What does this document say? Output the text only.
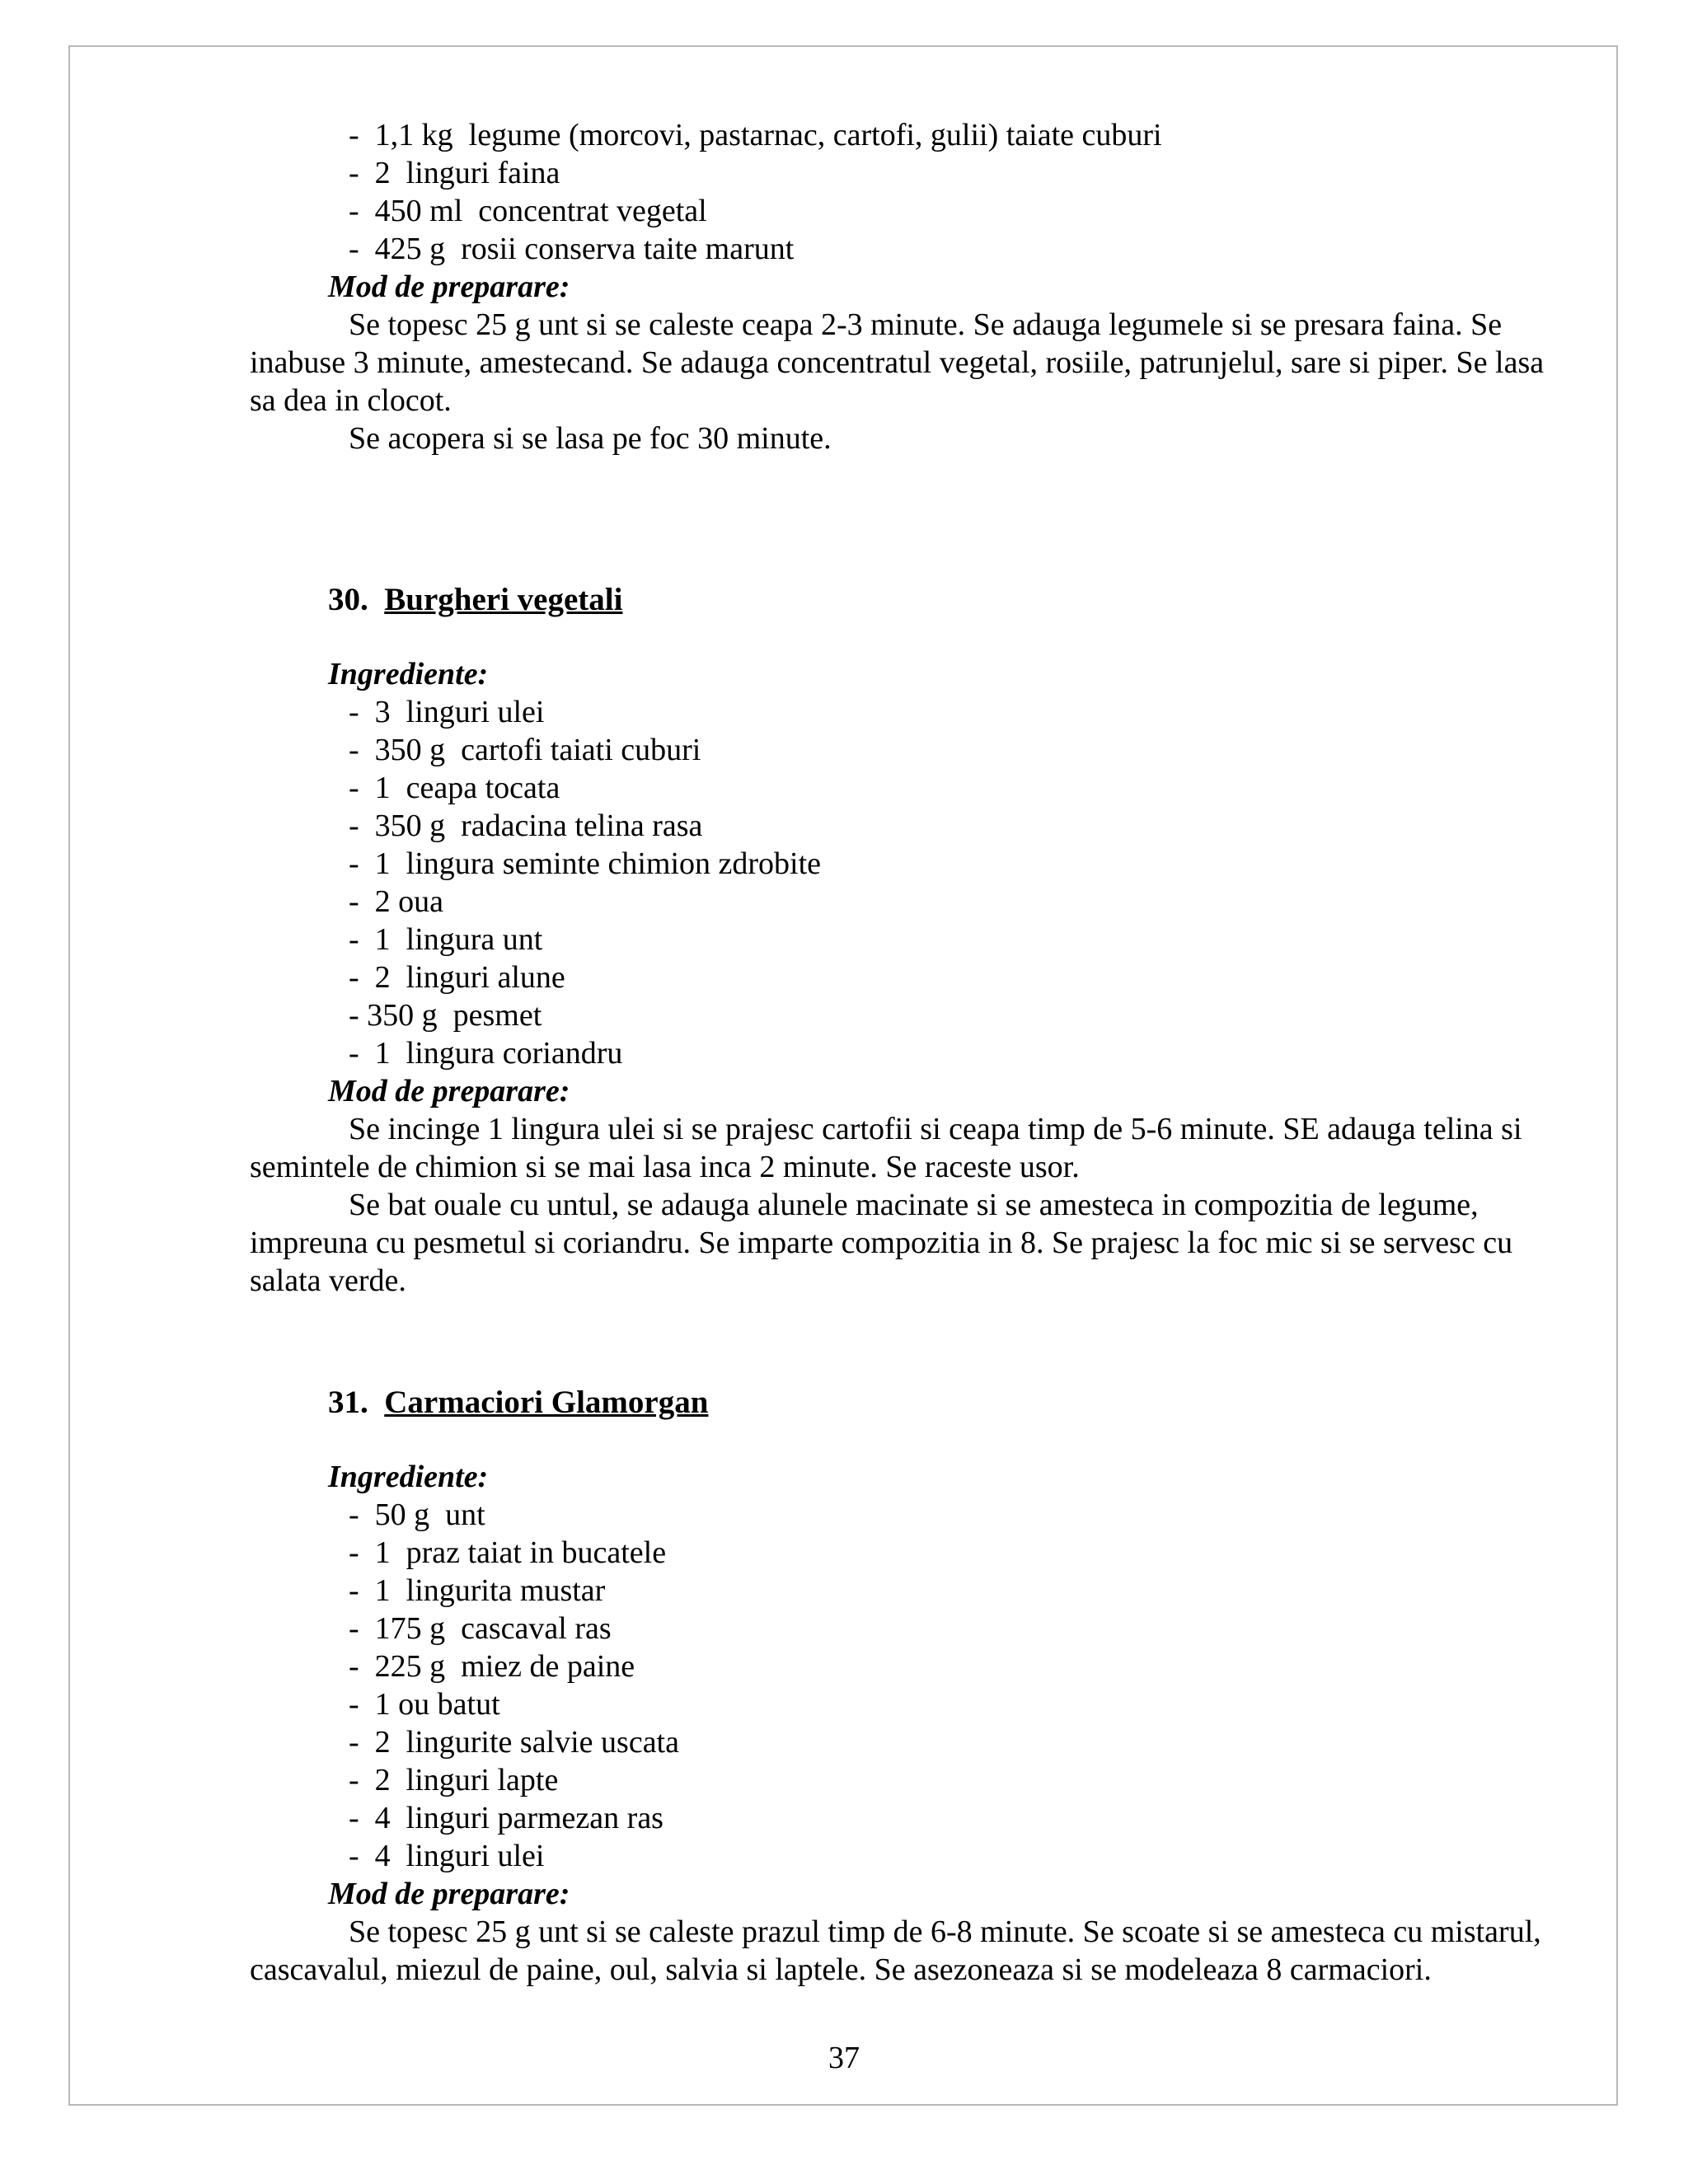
-  1,1 kg  legume (morcovi, pastarnac, cartofi, gulii) taiate cuburi
-  2  linguri faina
-  450 ml  concentrat vegetal
-  425 g  rosii conserva taite marunt
Mod de preparare:

Se topesc 25 g unt si se caleste ceapa 2-3 minute. Se adauga legumele si se presara faina. Se inabuse 3 minute, amestecand. Se adauga concentratul vegetal, rosiile, patrunjelul, sare si piper. Se lasa sa dea in clocot.

Se acopera si se lasa pe foc 30 minute.

30. Burgheri vegetali
Ingrediente:
-  3  linguri ulei
-  350 g  cartofi taiati cuburi
-  1  ceapa tocata
-  350 g  radacina telina rasa
-  1  lingura seminte chimion zdrobite
-  2 oua
-  1  lingura unt
-  2  linguri alune
- 350 g  pesmet
-  1  lingura coriandru
Mod de preparare:

Se incinge 1 lingura ulei si se prajesc cartofii si ceapa timp de 5-6 minute. SE adauga telina si semintele de chimion si se mai lasa inca 2 minute. Se raceste usor.

Se bat ouale cu untul, se adauga alunele macinate si se amesteca in compozitia de legume, impreuna cu pesmetul si coriandru. Se imparte compozitia in 8. Se prajesc la foc mic si se servesc cu salata verde.

31. Carmaciori Glamorgan
Ingrediente:
-  50 g  unt
-  1  praz taiat in bucatele
-  1  lingurita mustar
-  175 g  cascaval ras
-  225 g  miez de paine
-  1 ou batut
-  2  lingurite salvie uscata
-  2  linguri lapte
-  4  linguri parmezan ras
-  4  linguri ulei
Mod de preparare:

Se topesc 25 g unt si se caleste prazul timp de 6-8 minute. Se scoate si se amesteca cu mistarul, cascavalul, miezul de paine, oul, salvia si laptele. Se asezoneaza si se modeleaza 8 carmaciori.

37
